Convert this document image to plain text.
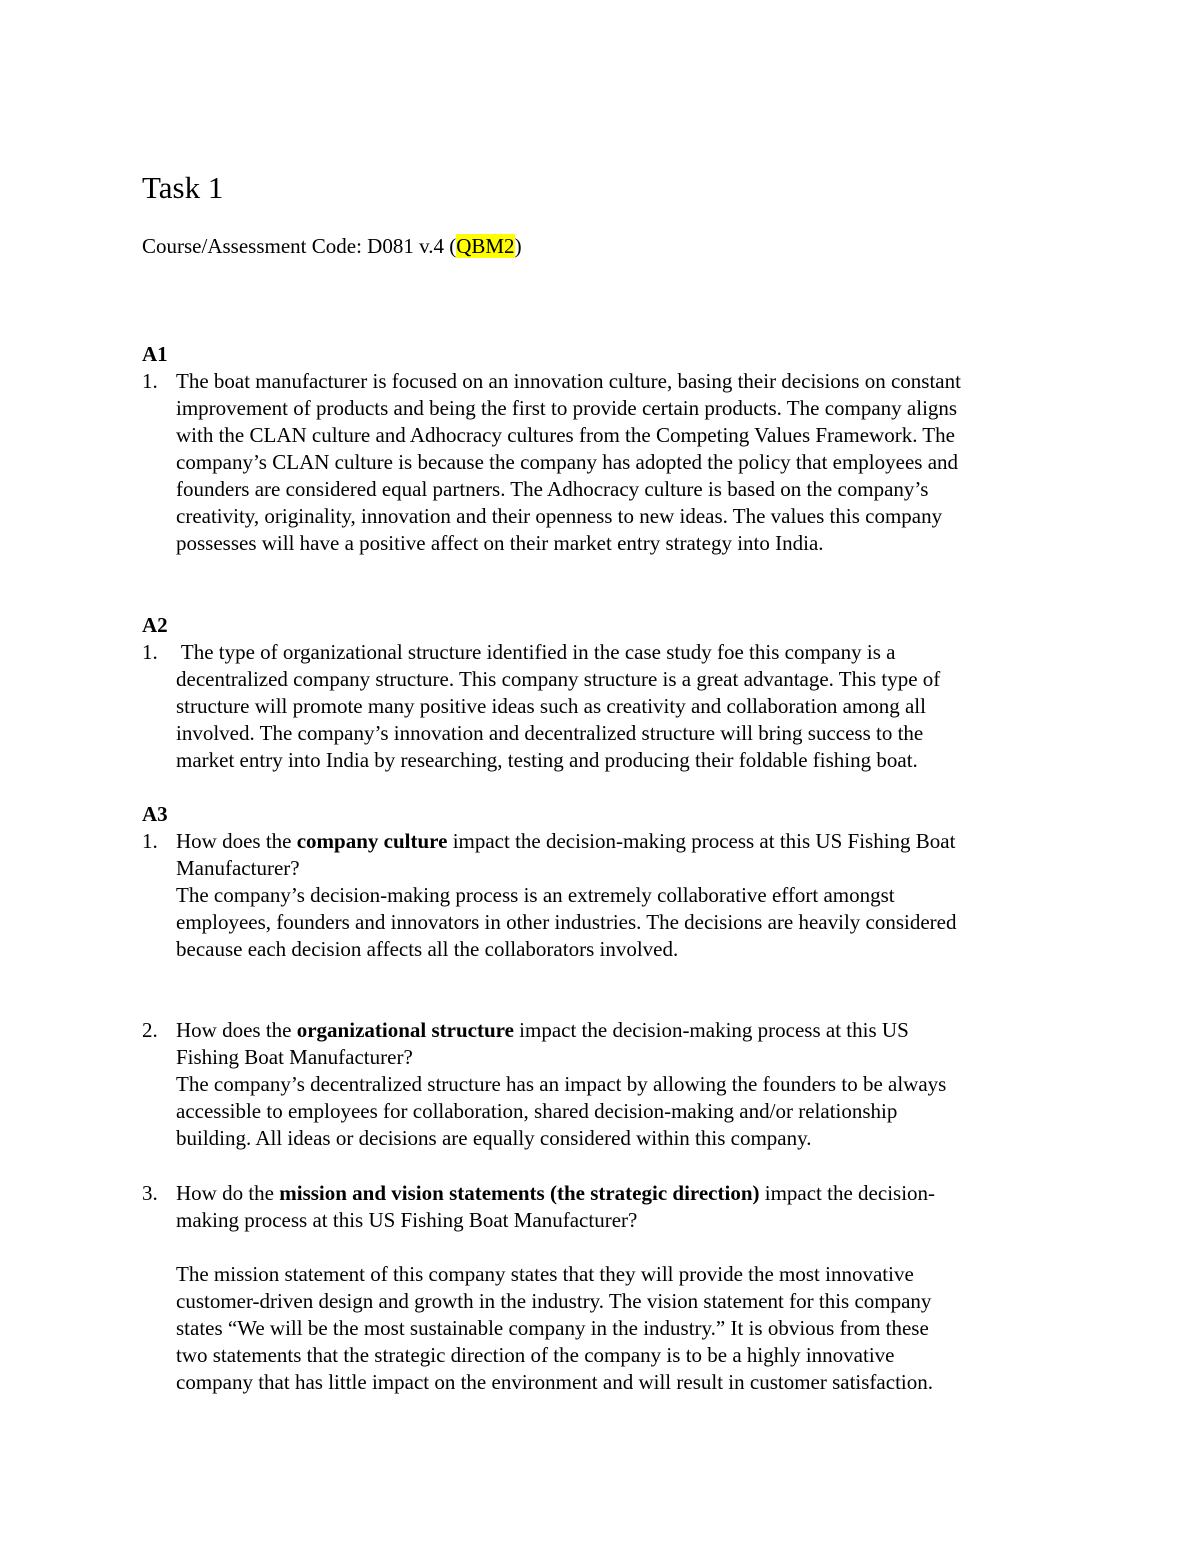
Task 1
Course/Assessment Code: D081 v.4 (QBM2)
A1
1. The boat manufacturer is focused on an innovation culture, basing their decisions on constant
improvement of products and being the first to provide certain products. The company aligns
with the CLAN culture and Adhocracy cultures from the Competing Values Framework. The
company’s CLAN culture is because the company has adopted the policy that employees and
founders are considered equal partners. The Adhocracy culture is based on the company’s
creativity, originality, innovation and their openness to new ideas. The values this company
possesses will have a positive affect on their market entry strategy into India.
A2
1. The type of organizational structure identified in the case study foe this company is a
decentralized company structure. This company structure is a great advantage. This type of
structure will promote many positive ideas such as creativity and collaboration among all
involved. The company’s innovation and decentralized structure will bring success to the
market entry into India by researching, testing and producing their foldable fishing boat.
A3
1. How does the company culture impact the decision-making process at this US Fishing Boat
Manufacturer?
The company’s decision-making process is an extremely collaborative effort amongst
employees, founders and innovators in other industries. The decisions are heavily considered
because each decision affects all the collaborators involved.
2. How does the organizational structure impact the decision-making process at this US
Fishing Boat Manufacturer?
The company’s decentralized structure has an impact by allowing the founders to be always
accessible to employees for collaboration, shared decision-making and/or relationship
building. All ideas or decisions are equally considered within this company.
3. How do the mission and vision statements (the strategic direction) impact the decision-
making process at this US Fishing Boat Manufacturer?
The mission statement of this company states that they will provide the most innovative
customer-driven design and growth in the industry. The vision statement for this company
states “We will be the most sustainable company in the industry.” It is obvious from these
two statements that the strategic direction of the company is to be a highly innovative
company that has little impact on the environment and will result in customer satisfaction.
